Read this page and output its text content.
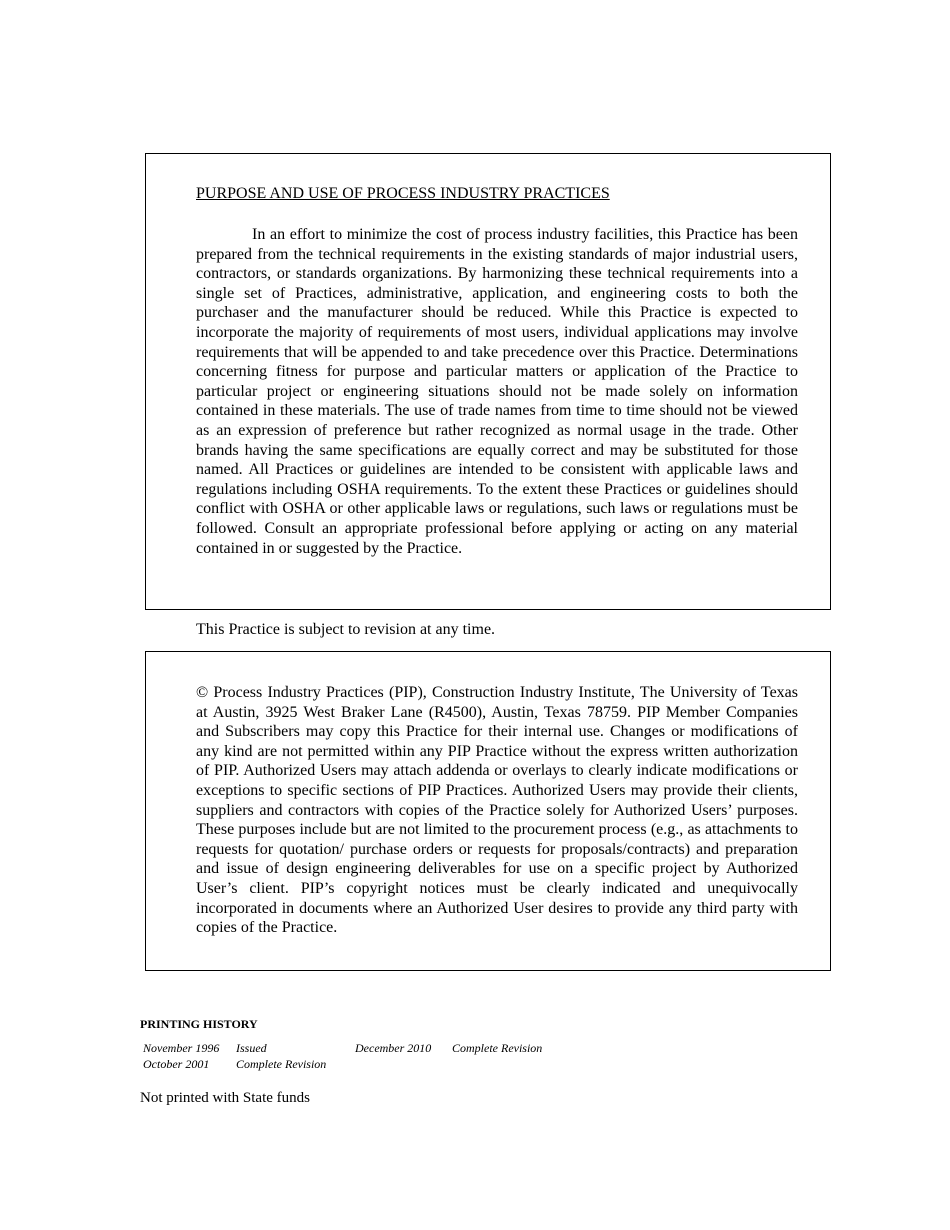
PURPOSE AND USE OF PROCESS INDUSTRY PRACTICES

In an effort to minimize the cost of process industry facilities, this Practice has been prepared from the technical requirements in the existing standards of major industrial users, contractors, or standards organizations. By harmonizing these technical requirements into a single set of Practices, administrative, application, and engineering costs to both the purchaser and the manufacturer should be reduced. While this Practice is expected to incorporate the majority of requirements of most users, individual applications may involve requirements that will be appended to and take precedence over this Practice. Determinations concerning fitness for purpose and particular matters or application of the Practice to particular project or engineering situations should not be made solely on information contained in these materials. The use of trade names from time to time should not be viewed as an expression of preference but rather recognized as normal usage in the trade. Other brands having the same specifications are equally correct and may be substituted for those named. All Practices or guidelines are intended to be consistent with applicable laws and regulations including OSHA requirements. To the extent these Practices or guidelines should conflict with OSHA or other applicable laws or regulations, such laws or regulations must be followed. Consult an appropriate professional before applying or acting on any material contained in or suggested by the Practice.

This Practice is subject to revision at any time.

© Process Industry Practices (PIP), Construction Industry Institute, The University of Texas at Austin, 3925 West Braker Lane (R4500), Austin, Texas 78759. PIP Member Companies and Subscribers may copy this Practice for their internal use. Changes or modifications of any kind are not permitted within any PIP Practice without the express written authorization of PIP. Authorized Users may attach addenda or overlays to clearly indicate modifications or exceptions to specific sections of PIP Practices. Authorized Users may provide their clients, suppliers and contractors with copies of the Practice solely for Authorized Users’ purposes. These purposes include but are not limited to the procurement process (e.g., as attachments to requests for quotation/ purchase orders or requests for proposals/contracts) and preparation and issue of design engineering deliverables for use on a specific project by Authorized User’s client. PIP’s copyright notices must be clearly indicated and unequivocally incorporated in documents where an Authorized User desires to provide any third party with copies of the Practice.

PRINTING HISTORY
November 1996 Issued
October 2001 Complete Revision
December 2010 Complete Revision

Not printed with State funds
